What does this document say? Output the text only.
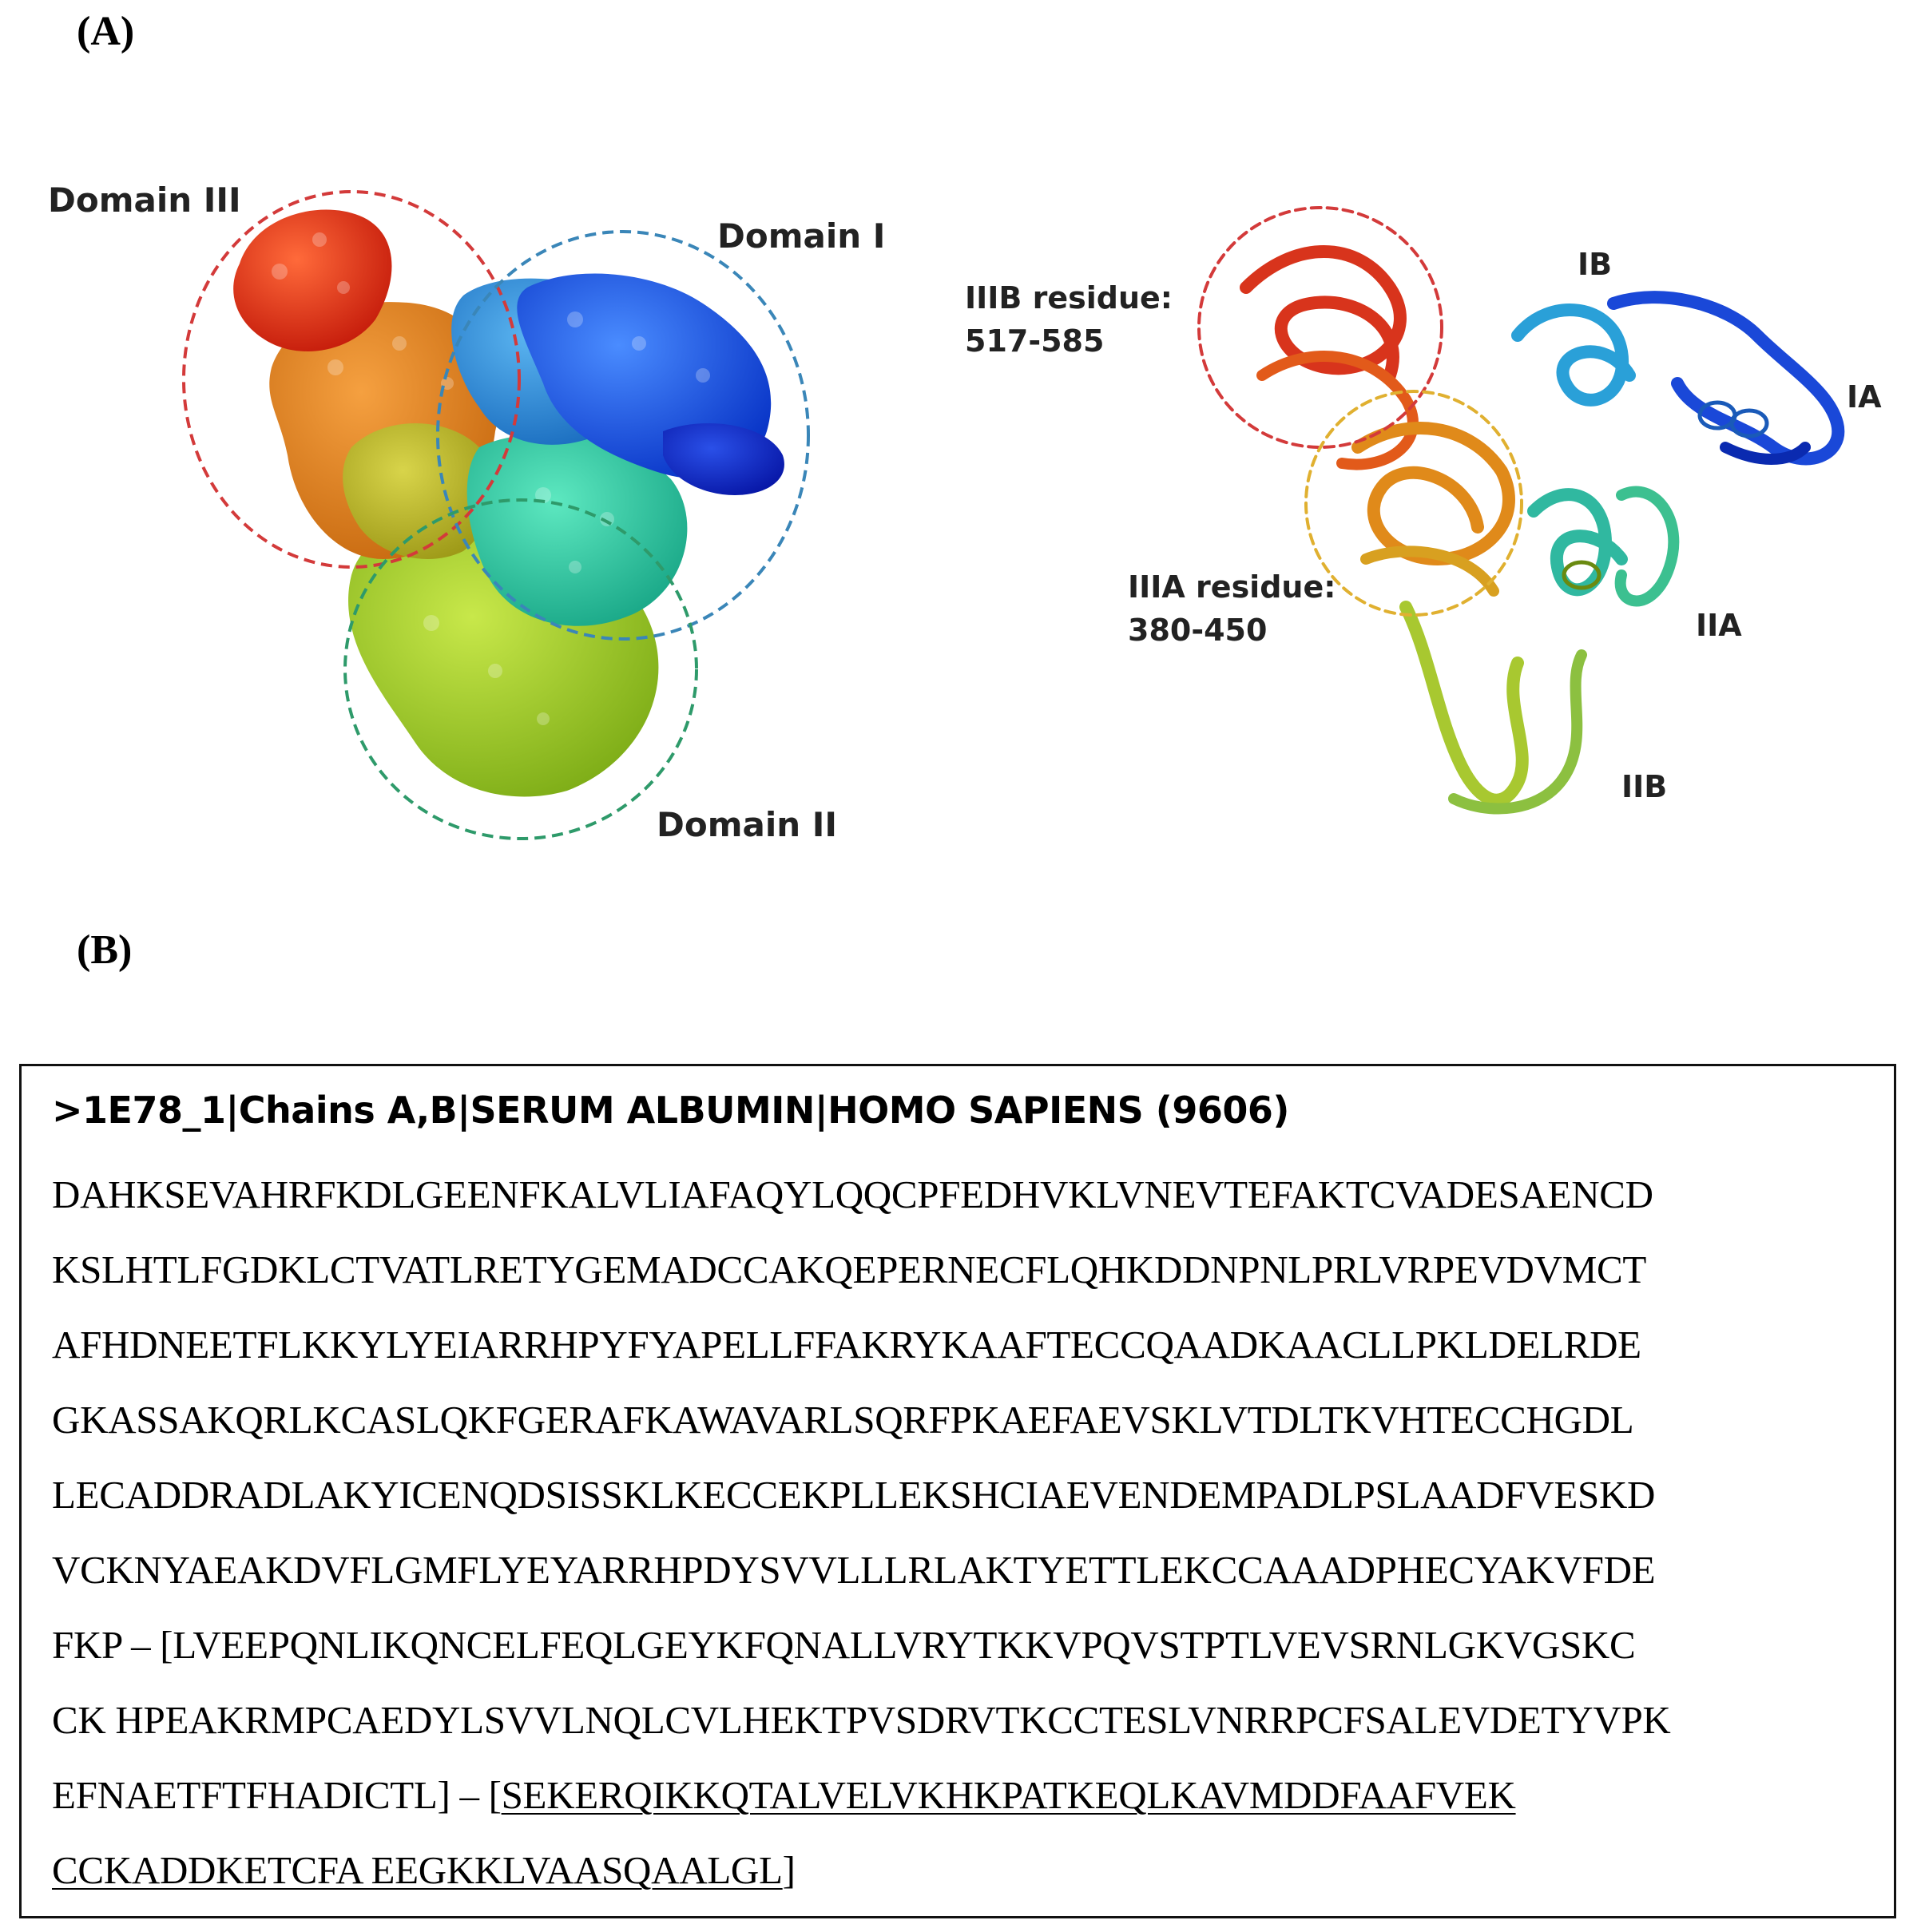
(A)
Domain III
Domain I
Domain II
IIIB residue:
517-585
IIIA residue:
380-450
IB
IA
IIA
IIB
(B)
>1E78_1|Chains A,B|SERUM ALBUMIN|HOMO SAPIENS (9606)
DAHKSEVAHRFKDLGEENFKALVLIAFAQYLQQCPFEDHVKLVNEVTEFAKTCVADESAENCD
KSLHTLFGDKLCTVATLRETYGEMADCCAKQEPERNECFLQHKDDNPNLPRLVRPEVDVMCT
AFHDNEETFLKKYLYEIARRHPYFYAPELLFFAKRYKAAFTECCQAADKAACLLPKLDELRDE
GKASSAKQRLKCASLQKFGERAFKAWAVARLSQRFPKAEFAEVSKLVTDLTKVHTECCHGDL
LECADDRADLAKYICENQDSISSKLKECCEKPLLEKSHCIAEVENDEMPADLPSLAADFVESKD
VCKNYAEAKDVFLGMFLYEYARRHPDYSVVLLLRLAKTYETTLEKCCAAADPHECYAKVFDE
FKP – [LVEEPQNLIKQNCELFEQLGEYKFQNALLVRYTKKVPQVSTPTLVEVSRNLGKVGSKC
CK HPEAKRMPCAEDYLSVVLNQLCVLHEKTPVSDRVTKCCTESLVNRRPCFSALEVDETYVPK
EFNAETFTFHADICTL] – [SEKERQIKKQTALVELVKHKPATKEQLKAVMDDFAAFVEK
CCKADDKETCFA EEGKKLVAASQAALGL]
